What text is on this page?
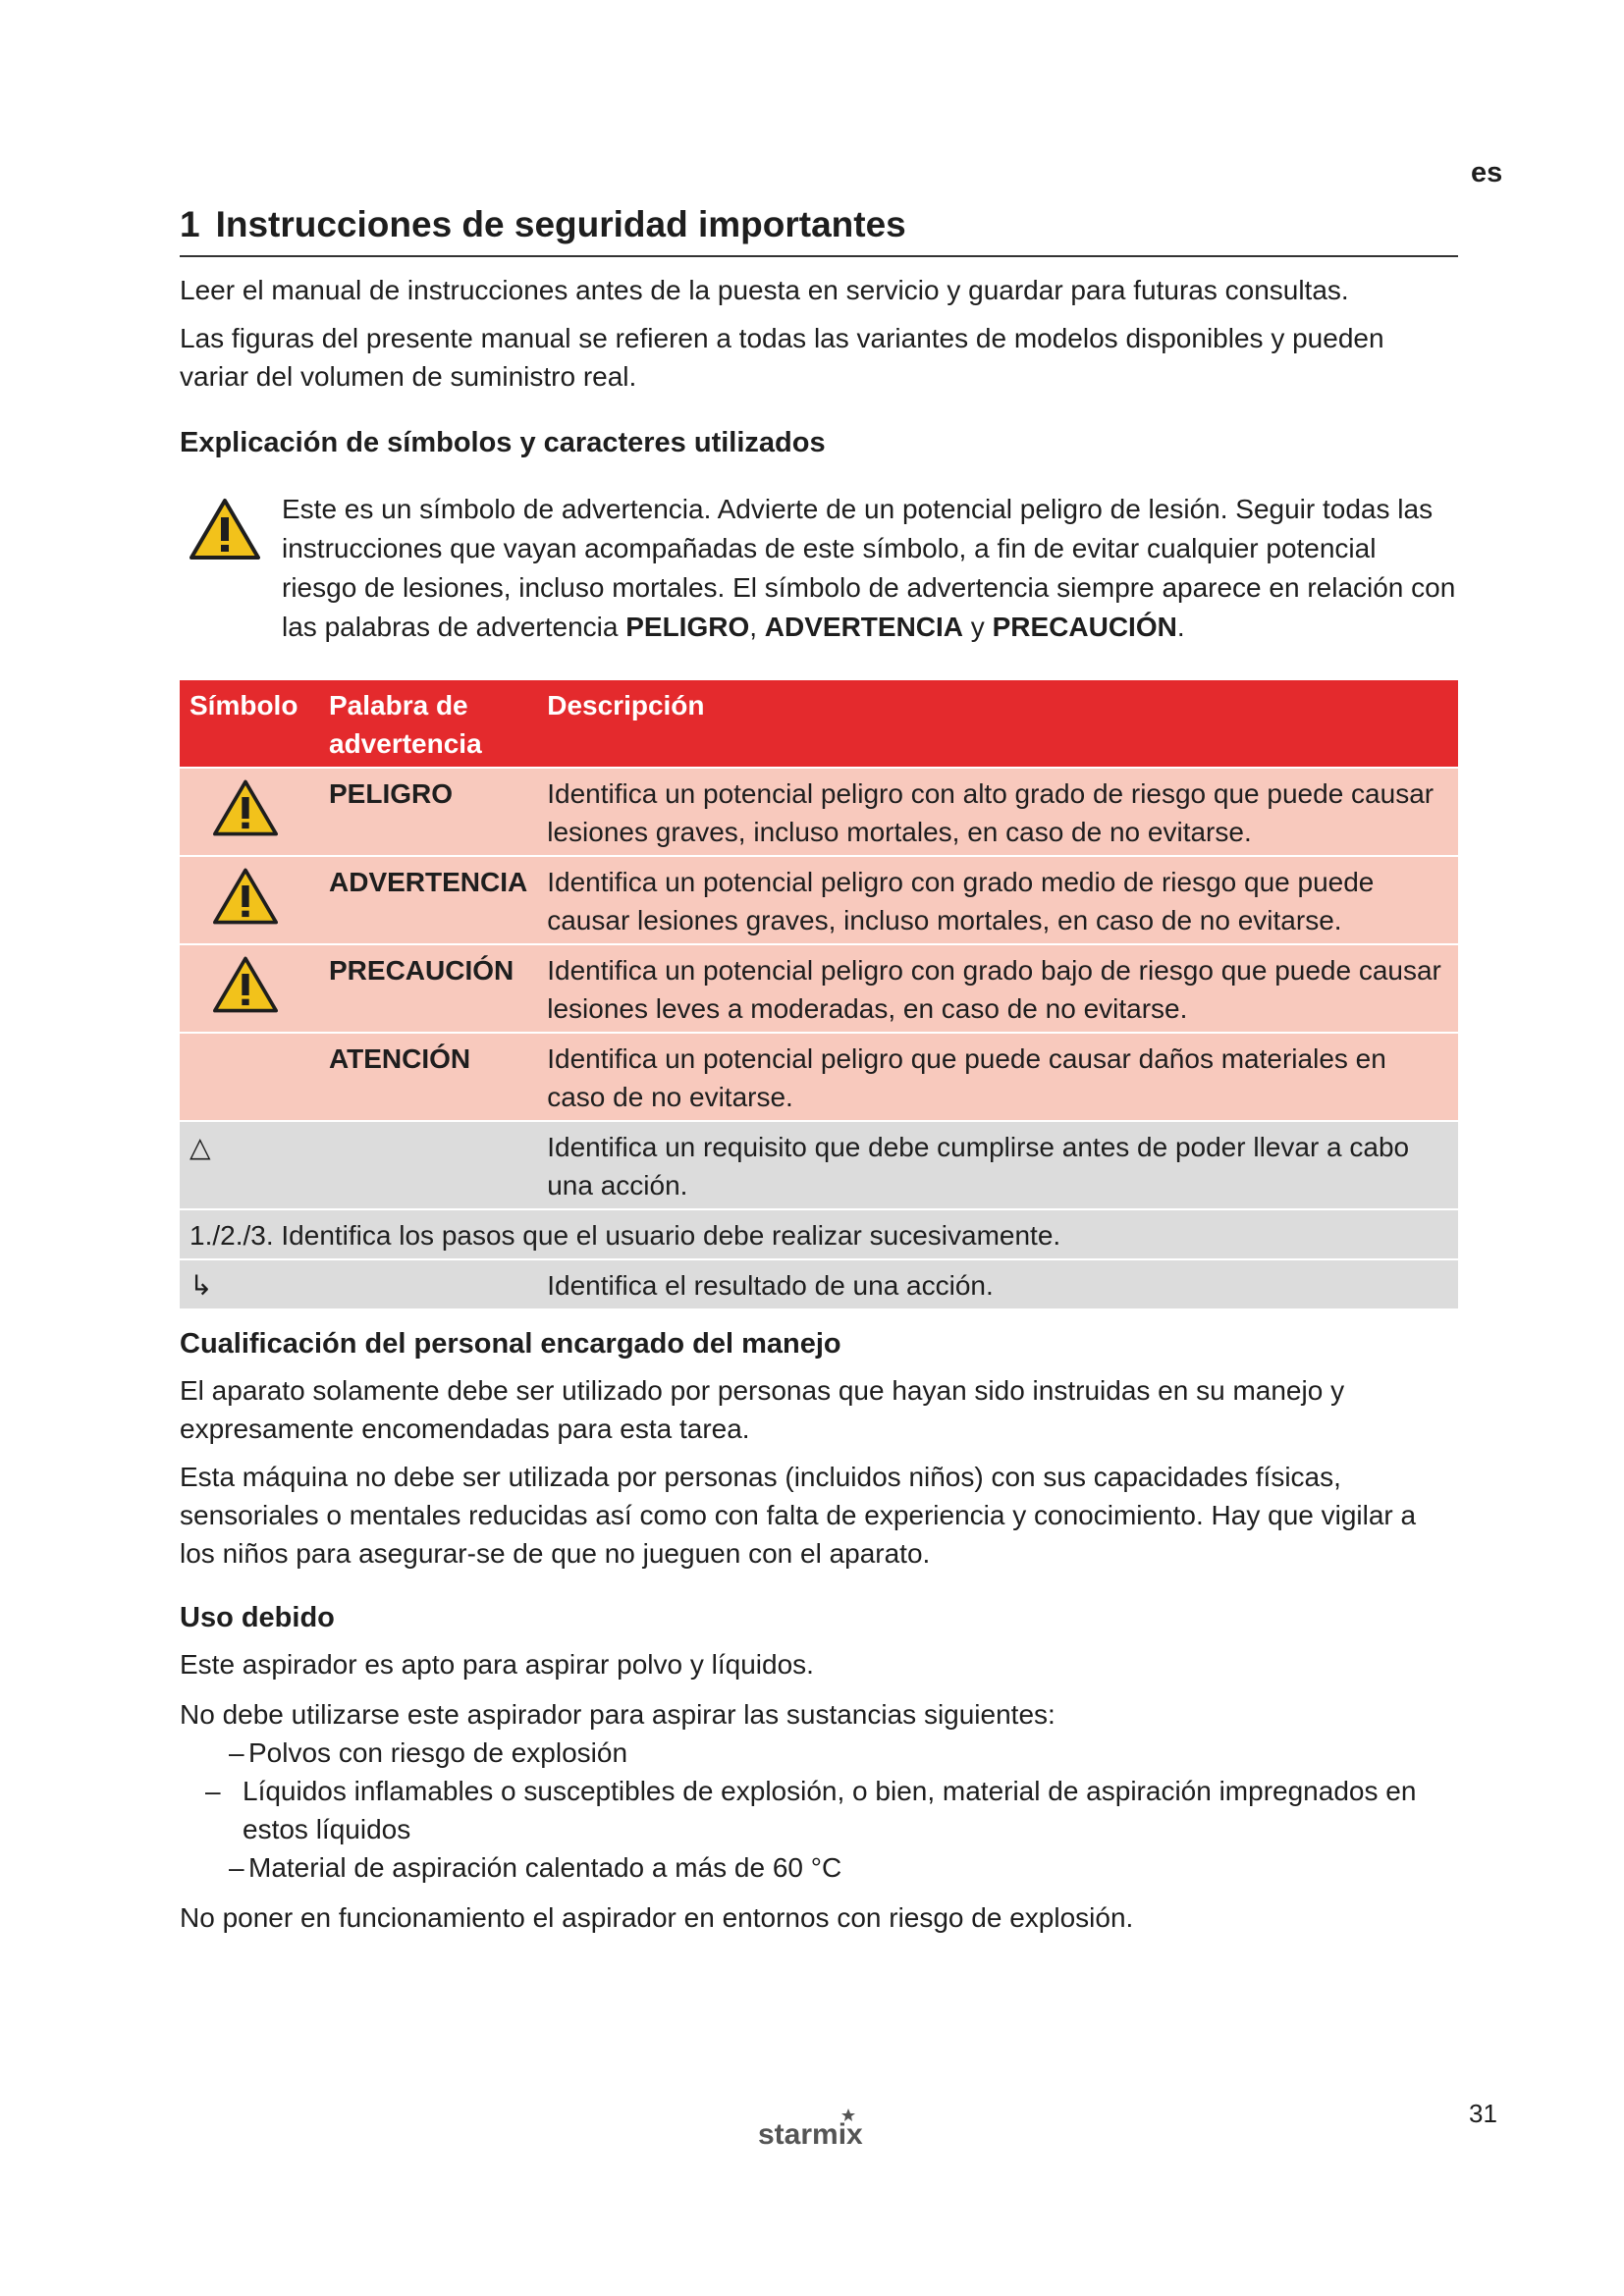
es
1 Instrucciones de seguridad importantes

Leer el manual de instrucciones antes de la puesta en servicio y guardar para futuras consultas.

Las figuras del presente manual se refieren a todas las variantes de modelos disponibles y pueden variar del volumen de suministro real.

Explicación de símbolos y caracteres utilizados
Este es un símbolo de advertencia. Advierte de un potencial peligro de lesión. Seguir todas las instrucciones que vayan acompañadas de este símbolo, a fin de evitar cualquier potencial riesgo de lesiones, incluso mortales. El símbolo de advertencia siempre aparece en relación con las palabras de advertencia PELIGRO, ADVERTENCIA y PRECAUCIÓN.
Símbolo	Palabra de advertencia	Descripción

	PELIGRO	Identifica un potencial peligro con alto grado de riesgo que puede causar lesiones graves, incluso mortales, en caso de no evitarse.

	ADVERTENCIA	Identifica un potencial peligro con grado medio de riesgo que puede causar lesiones graves, incluso mortales, en caso de no evitarse.

	PRECAUCIÓN	Identifica un potencial peligro con grado bajo de riesgo que puede causar lesiones leves a moderadas, en caso de no evitarse.
	ATENCIÓN	Identifica un potencial peligro que puede causar daños materiales en caso de no evitarse.
△		Identifica un requisito que debe cumplirse antes de poder llevar a cabo una acción.
1./2./3. Identifica los pasos que el usuario debe realizar sucesivamente.		
↳		Identifica el resultado de una acción.
Cualificación del personal encargado del manejo

El aparato solamente debe ser utilizado por personas que hayan sido instruidas en su manejo y expresamente encomendadas para esta tarea.

Esta máquina no debe ser utilizada por personas (incluidos niños) con sus capacidades físicas, sensoriales o mentales reducidas así como con falta de experiencia y conocimiento. Hay que vigilar a los niños para asegurar-se de que no jueguen con el aparato.

Uso debido

Este aspirador es apto para aspirar polvo y líquidos.

No debe utilizarse este aspirador para aspirar las sustancias siguientes:

– Polvos con riesgo de explosión
– Líquidos inflamables o susceptibles de explosión, o bien, material de aspiración impregnados en estos líquidos
– Material de aspiración calentado a más de 60 °C

No poner en funcionamiento el aspirador en entornos con riesgo de explosión.

starmix
31
